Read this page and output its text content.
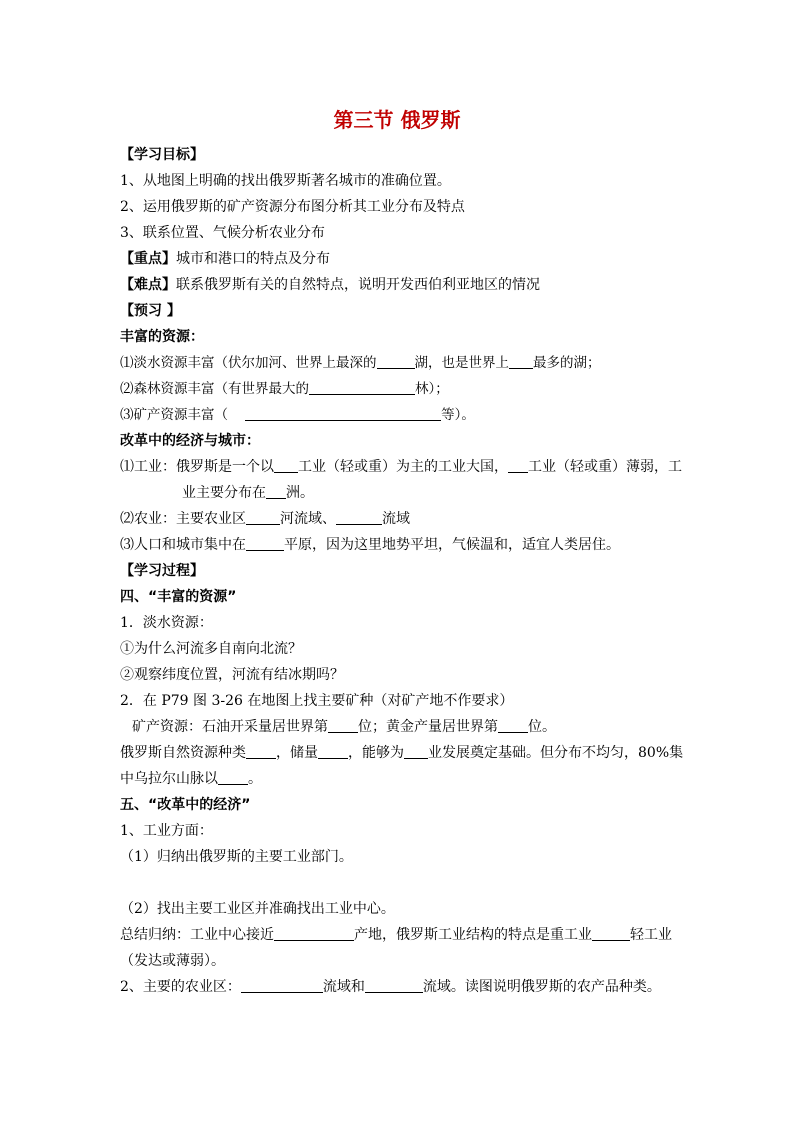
第三节 俄罗斯
【学习目标】
1、从地图上明确的找出俄罗斯著名城市的准确位置。
2、运用俄罗斯的矿产资源分布图分析其工业分布及特点
3、联系位置、气候分析农业分布
【重点】城市和港口的特点及分布
【难点】联系俄罗斯有关的自然特点，说明开发西伯利亚地区的情况
【预习 】
丰富的资源：
⑴淡水资源丰富（伏尔加河、世界上最深的	湖，也是世界上 最多的湖；
⑵森林资源丰富（有世界最大的	林）；
⑶矿产资源丰富（	等）。
改革中的经济与城市：
⑴工业：俄罗斯是一个以 工业（轻或重）为主的工业大国， 工业（轻或重）薄弱，工
业主要分布在 洲。
⑵农业：主要农业区 河流域、	流域
⑶人口和城市集中在	平原，因为这里地势平坦，气候温和，适宜人类居住。
【学习过程】
四、“丰富的资源”
1．淡水资源：
①为什么河流多自南向北流？
②观察纬度位置，河流有结冰期吗？
2．在 P79 图 3-26 在地图上找主要矿种（对矿产地不作要求）
矿产资源：石油开采量居世界第 位；黄金产量居世界第 位。
俄罗斯自然资源种类 ，储量 ，能够为 业发展奠定基础。但分布不均匀，80%集
中乌拉尔山脉以 。
五、“改革中的经济”
1、工业方面：
（1）归纳出俄罗斯的主要工业部门。
（2）找出主要工业区并准确找出工业中心。
总结归纳：工业中心接近	产地，俄罗斯工业结构的特点是重工业	轻工业
（发达或薄弱）。
2、主要的农业区：	流域和	流域。读图说明俄罗斯的农产品种类。
